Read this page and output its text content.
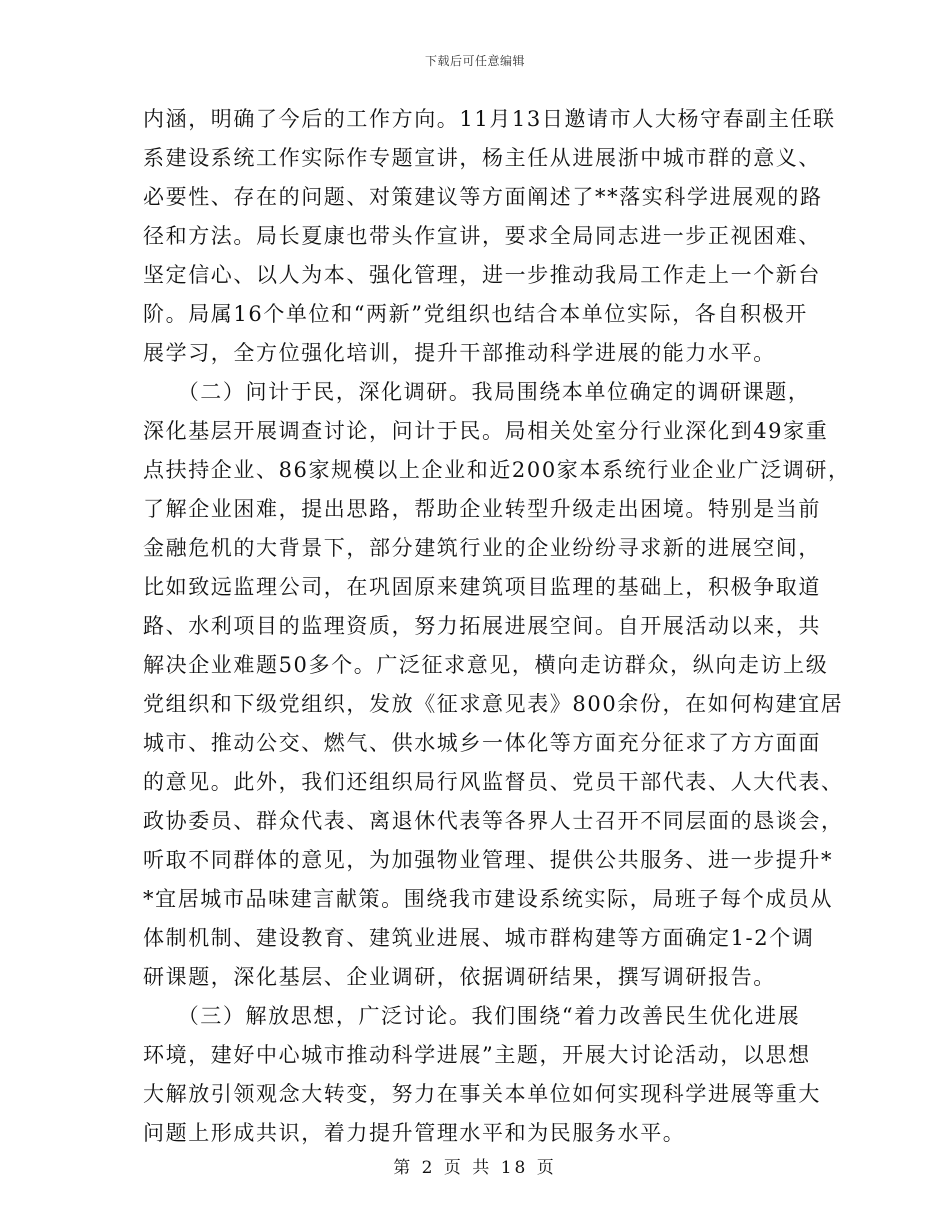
下载后可任意编辑
内涵，明确了今后的工作方向。11月13日邀请市人大杨守春副主任联
系建设系统工作实际作专题宣讲，杨主任从进展浙中城市群的意义、
必要性、存在的问题、对策建议等方面阐述了**落实科学进展观的路
径和方法。局长夏康也带头作宣讲，要求全局同志进一步正视困难、
坚定信心、以人为本、强化管理，进一步推动我局工作走上一个新台
阶。局属16个单位和“两新”党组织也结合本单位实际，各自积极开
展学习，全方位强化培训，提升干部推动科学进展的能力水平。
　　（二）问计于民，深化调研。我局围绕本单位确定的调研课题，
深化基层开展调查讨论，问计于民。局相关处室分行业深化到49家重
点扶持企业、86家规模以上企业和近200家本系统行业企业广泛调研，
了解企业困难，提出思路，帮助企业转型升级走出困境。特别是当前
金融危机的大背景下，部分建筑行业的企业纷纷寻求新的进展空间，
比如致远监理公司，在巩固原来建筑项目监理的基础上，积极争取道
路、水利项目的监理资质，努力拓展进展空间。自开展活动以来，共
解决企业难题50多个。广泛征求意见，横向走访群众，纵向走访上级
党组织和下级党组织，发放《征求意见表》800余份，在如何构建宜居
城市、推动公交、燃气、供水城乡一体化等方面充分征求了方方面面
的意见。此外，我们还组织局行风监督员、党员干部代表、人大代表、
政协委员、群众代表、离退休代表等各界人士召开不同层面的恳谈会，
听取不同群体的意见，为加强物业管理、提供公共服务、进一步提升*
*宜居城市品味建言献策。围绕我市建设系统实际，局班子每个成员从
体制机制、建设教育、建筑业进展、城市群构建等方面确定1-2个调
研课题，深化基层、企业调研，依据调研结果，撰写调研报告。
　　（三）解放思想，广泛讨论。我们围绕“着力改善民生优化进展
环境，建好中心城市推动科学进展”主题，开展大讨论活动，以思想
大解放引领观念大转变，努力在事关本单位如何实现科学进展等重大
问题上形成共识，着力提升管理水平和为民服务水平。
第 2 页 共 18 页
